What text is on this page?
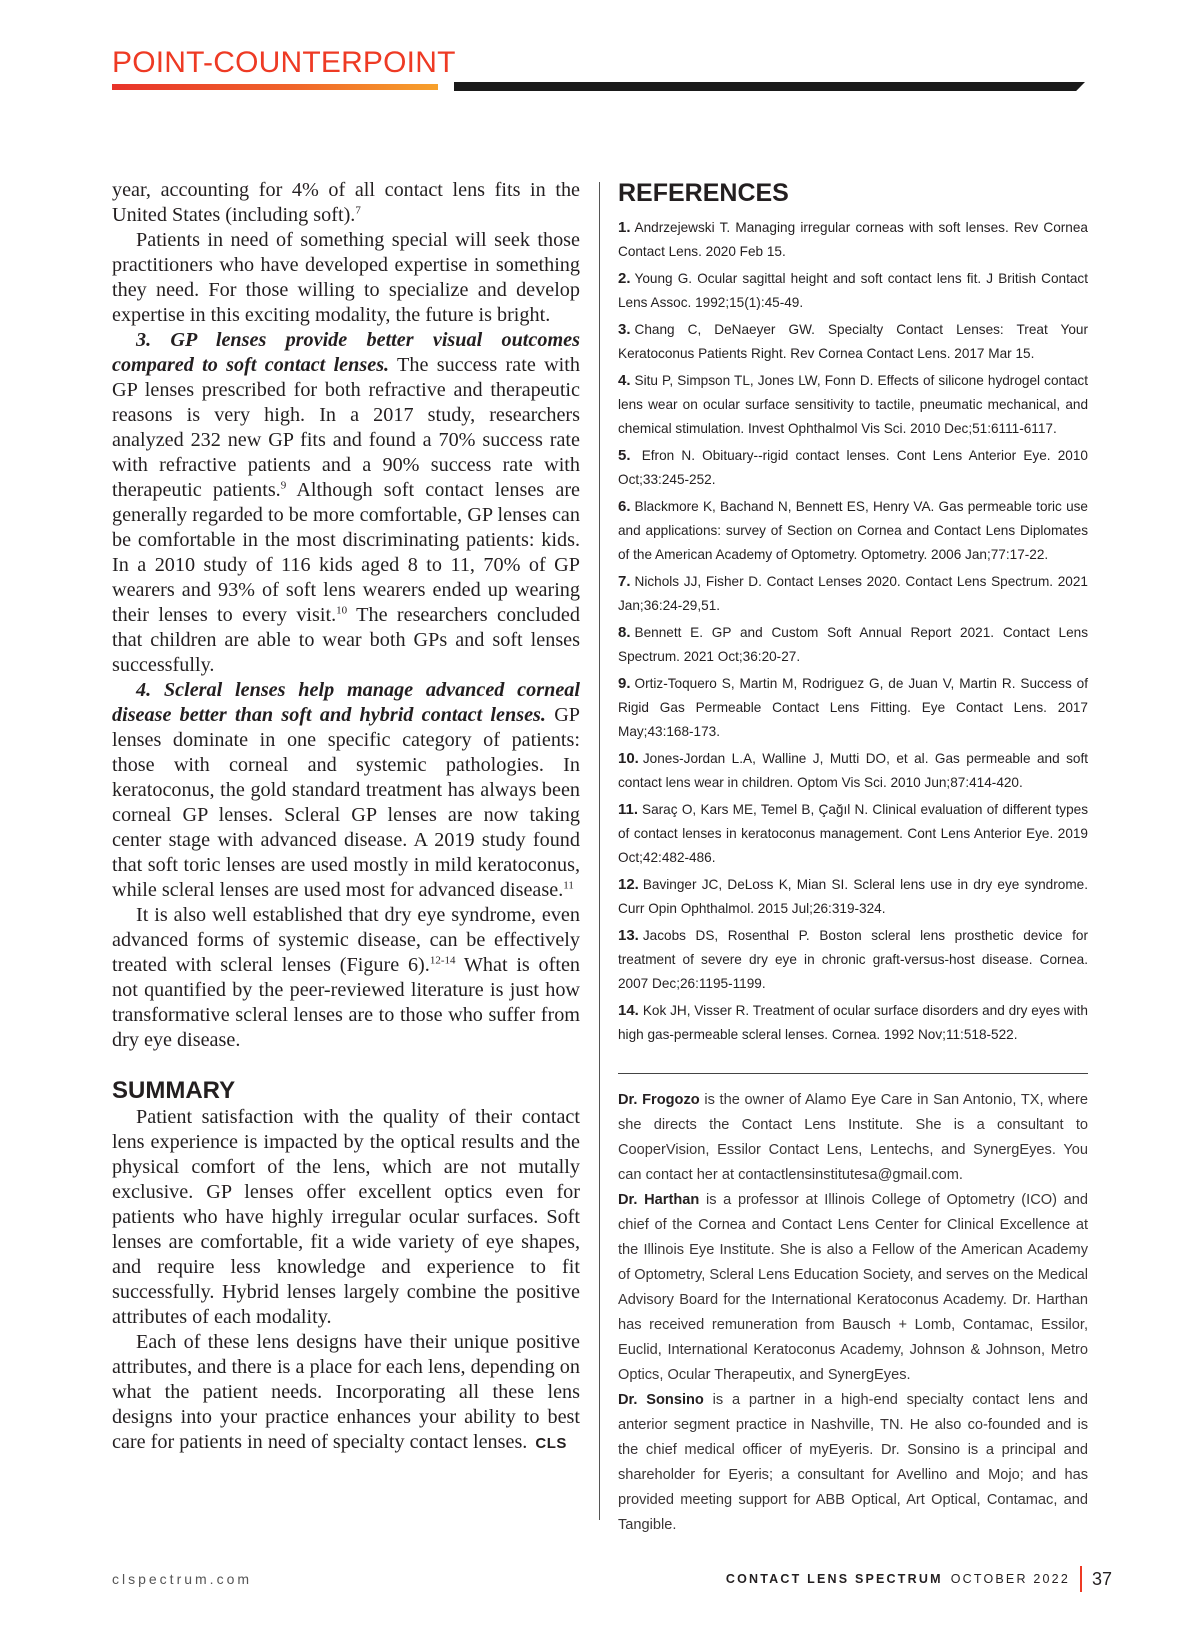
POINT-COUNTERPOINT

year, accounting for 4% of all contact lens fits in the United States (including soft).$^7$

Patients in need of something special will seek those practitioners who have developed expertise in something they need. For those willing to specialize and develop expertise in this exciting modality, the future is bright.

3. GP lenses provide better visual outcomes compared to soft contact lenses. The success rate with GP lenses prescribed for both refractive and therapeutic reasons is very high. In a 2017 study, researchers analyzed 232 new GP fits and found a 70% success rate with refractive patients and a 90% success rate with therapeutic patients.$^9$ Although soft contact lenses are generally regarded to be more comfortable, GP lenses can be comfortable in the most discriminating patients: kids. In a 2010 study of 116 kids aged 8 to 11, 70% of GP wearers and 93% of soft lens wearers ended up wearing their lenses to every visit.$^{10}$ The researchers concluded that children are able to wear both GPs and soft lenses successfully.

4. Scleral lenses help manage advanced corneal disease better than soft and hybrid contact lenses. GP lenses dominate in one specific category of patients: those with corneal and systemic pathologies. In keratoconus, the gold standard treatment has always been corneal GP lenses. Scleral GP lenses are now taking center stage with advanced disease. A 2019 study found that soft toric lenses are used mostly in mild keratoconus, while scleral lenses are used most for advanced disease.$^{11}$

It is also well established that dry eye syndrome, even advanced forms of systemic disease, can be effectively treated with scleral lenses (Figure 6).$^{12-14}$ What is often not quantified by the peer-reviewed literature is just how transformative scleral lenses are to those who suffer from dry eye disease.

SUMMARY

Patient satisfaction with the quality of their contact lens experience is impacted by the optical results and the physical comfort of the lens, which are not mutally exclusive. GP lenses offer excellent optics even for patients who have highly irregular ocular surfaces. Soft lenses are comfortable, fit a wide variety of eye shapes, and require less knowledge and experience to fit successfully. Hybrid lenses largely combine the positive attributes of each modality.

Each of these lens designs have their unique positive attributes, and there is a place for each lens, depending on what the patient needs. Incorporating all these lens designs into your practice enhances your ability to best care for patients in need of specialty contact lenses. CLS

REFERENCES
1. Andrzejewski T. Managing irregular corneas with soft lenses. Rev Cornea Contact Lens. 2020 Feb 15.
2. Young G. Ocular sagittal height and soft contact lens fit. J British Contact Lens Assoc. 1992;15(1):45-49.
3. Chang C, DeNaeyer GW. Specialty Contact Lenses: Treat Your Keratoconus Patients Right. Rev Cornea Contact Lens. 2017 Mar 15.
4. Situ P, Simpson TL, Jones LW, Fonn D. Effects of silicone hydrogel contact lens wear on ocular surface sensitivity to tactile, pneumatic mechanical, and chemical stimulation. Invest Ophthalmol Vis Sci. 2010 Dec;51:6111-6117.
5. Efron N. Obituary--rigid contact lenses. Cont Lens Anterior Eye. 2010 Oct;33:245-252.
6. Blackmore K, Bachand N, Bennett ES, Henry VA. Gas permeable toric use and applications: survey of Section on Cornea and Contact Lens Diplomates of the American Academy of Optometry. Optometry. 2006 Jan;77:17-22.
7. Nichols JJ, Fisher D. Contact Lenses 2020. Contact Lens Spectrum. 2021 Jan;36:24-29,51.
8. Bennett E. GP and Custom Soft Annual Report 2021. Contact Lens Spectrum. 2021 Oct;36:20-27.
9. Ortiz-Toquero S, Martin M, Rodriguez G, de Juan V, Martin R. Success of Rigid Gas Permeable Contact Lens Fitting. Eye Contact Lens. 2017 May;43:168-173.
10. Jones-Jordan L.A, Walline J, Mutti DO, et al. Gas permeable and soft contact lens wear in children. Optom Vis Sci. 2010 Jun;87:414-420.
11. Saraç O, Kars ME, Temel B, Çağıl N. Clinical evaluation of different types of contact lenses in keratoconus management. Cont Lens Anterior Eye. 2019 Oct;42:482-486.
12. Bavinger JC, DeLoss K, Mian SI. Scleral lens use in dry eye syndrome. Curr Opin Ophthalmol. 2015 Jul;26:319-324.
13. Jacobs DS, Rosenthal P. Boston scleral lens prosthetic device for treatment of severe dry eye in chronic graft-versus-host disease. Cornea. 2007 Dec;26:1195-1199.
14. Kok JH, Visser R. Treatment of ocular surface disorders and dry eyes with high gas-permeable scleral lenses. Cornea. 1992 Nov;11:518-522.

Dr. Frogozo is the owner of Alamo Eye Care in San Antonio, TX, where she directs the Contact Lens Institute. She is a consultant to CooperVision, Essilor Contact Lens, Lentechs, and SynergEyes. You can contact her at contactlensinstitutesa@gmail.com.

Dr. Harthan is a professor at Illinois College of Optometry (ICO) and chief of the Cornea and Contact Lens Center for Clinical Excellence at the Illinois Eye Institute. She is also a Fellow of the American Academy of Optometry, Scleral Lens Education Society, and serves on the Medical Advisory Board for the International Keratoconus Academy. Dr. Harthan has received remuneration from Bausch + Lomb, Contamac, Essilor, Euclid, International Keratoconus Academy, Johnson & Johnson, Metro Optics, Ocular Therapeutix, and SynergEyes.

Dr. Sonsino is a partner in a high-end specialty contact lens and anterior segment practice in Nashville, TN. He also co-founded and is the chief medical officer of myEyeris. Dr. Sonsino is a principal and shareholder for Eyeris; a consultant for Avellino and Mojo; and has provided meeting support for ABB Optical, Art Optical, Contamac, and Tangible.

clspectrum.com	CONTACT LENS SPECTRUM OCTOBER 2022 37
